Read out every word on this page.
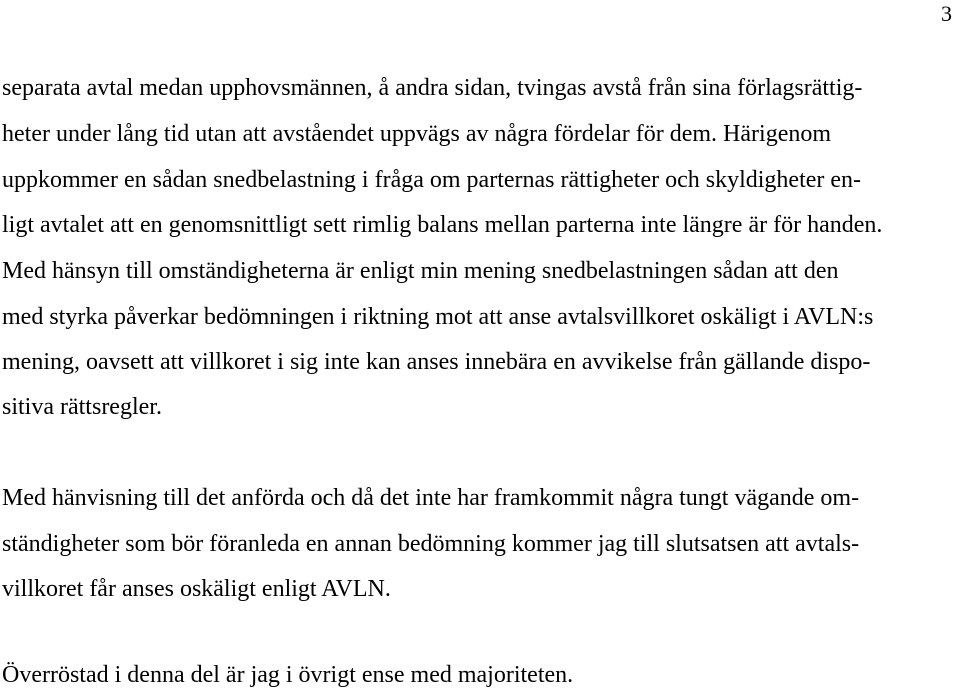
3
separata avtal medan upphovsmännen, å andra sidan, tvingas avstå från sina förlagsrättig-
heter under lång tid utan att avståendet uppvägs av några fördelar för dem. Härigenom
uppkommer en sådan snedbelastning i fråga om parternas rättigheter och skyldigheter en-
ligt avtalet att en genomsnittligt sett rimlig balans mellan parterna inte längre är för handen.
Med hänsyn till omständigheterna är enligt min mening snedbelastningen sådan att den
med styrka påverkar bedömningen i riktning mot att anse avtalsvillkoret oskäligt i AVLN:s
mening, oavsett att villkoret i sig inte kan anses innebära en avvikelse från gällande dispo-
sitiva rättsregler.
Med hänvisning till det anförda och då det inte har framkommit några tungt vägande om-
ständigheter som bör föranleda en annan bedömning kommer jag till slutsatsen att avtals-
villkoret får anses oskäligt enligt AVLN.
Överröstad i denna del är jag i övrigt ense med majoriteten.
